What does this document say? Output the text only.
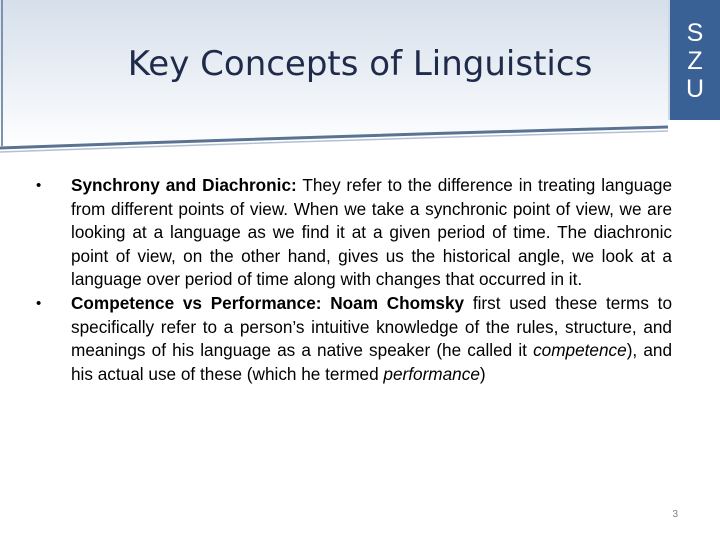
Key Concepts of Linguistics
S
Z
U
• Synchrony and Diachronic: They refer to the difference in treating language from different points of view. When we take a synchronic point of view, we are looking at a language as we find it at a given period of time. The diachronic point of view, on the other hand, gives us the historical angle, we look at a language over period of time along with changes that occurred in it.
• Competence vs Performance: Noam Chomsky first used these terms to specifically refer to a person’s intuitive knowledge of the rules, structure, and meanings of his language as a native speaker (he called it competence), and his actual use of these (which he termed performance)
3
